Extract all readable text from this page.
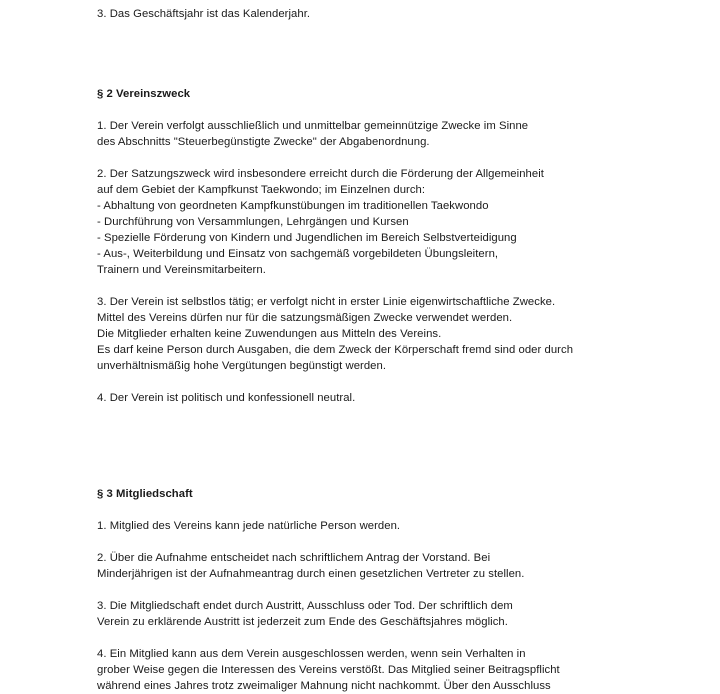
3. Das Geschäftsjahr ist das Kalenderjahr.
§ 2 Vereinszweck
1. Der Verein verfolgt ausschließlich und unmittelbar gemeinnützige Zwecke im Sinne
des Abschnitts "Steuerbegünstigte Zwecke" der Abgabenordnung.
2. Der Satzungszweck wird insbesondere erreicht durch die Förderung der Allgemeinheit
auf dem Gebiet der Kampfkunst Taekwondo; im Einzelnen durch:
- Abhaltung von geordneten Kampfkunstübungen im traditionellen Taekwondo
- Durchführung von Versammlungen, Lehrgängen und Kursen
- Spezielle Förderung von Kindern und Jugendlichen im Bereich Selbstverteidigung
- Aus-, Weiterbildung und Einsatz von sachgemäß vorgebildeten Übungsleitern,
Trainern und Vereinsmitarbeitern.
3. Der Verein ist selbstlos tätig; er verfolgt nicht in erster Linie eigenwirtschaftliche Zwecke.
Mittel des Vereins dürfen nur für die satzungsmäßigen Zwecke verwendet werden.
Die Mitglieder erhalten keine Zuwendungen aus Mitteln des Vereins.
Es darf keine Person durch Ausgaben, die dem Zweck der Körperschaft fremd sind oder durch
unverhältnismäßig hohe Vergütungen begünstigt werden.
4. Der Verein ist politisch und konfessionell neutral.
§ 3 Mitgliedschaft
1. Mitglied des Vereins kann jede natürliche Person werden.
2. Über die Aufnahme entscheidet nach schriftlichem Antrag der Vorstand. Bei
Minderjährigen ist der Aufnahmeantrag durch einen gesetzlichen Vertreter zu stellen.
3. Die Mitgliedschaft endet durch Austritt, Ausschluss oder Tod. Der schriftlich dem
Verein zu erklärende Austritt ist jederzeit zum Ende des Geschäftsjahres möglich.
4. Ein Mitglied kann aus dem Verein ausgeschlossen werden, wenn sein Verhalten in
grober Weise gegen die Interessen des Vereins verstößt. Das Mitglied seiner Beitragspflicht
während eines Jahres trotz zweimaliger Mahnung nicht nachkommt. Über den Ausschluss
